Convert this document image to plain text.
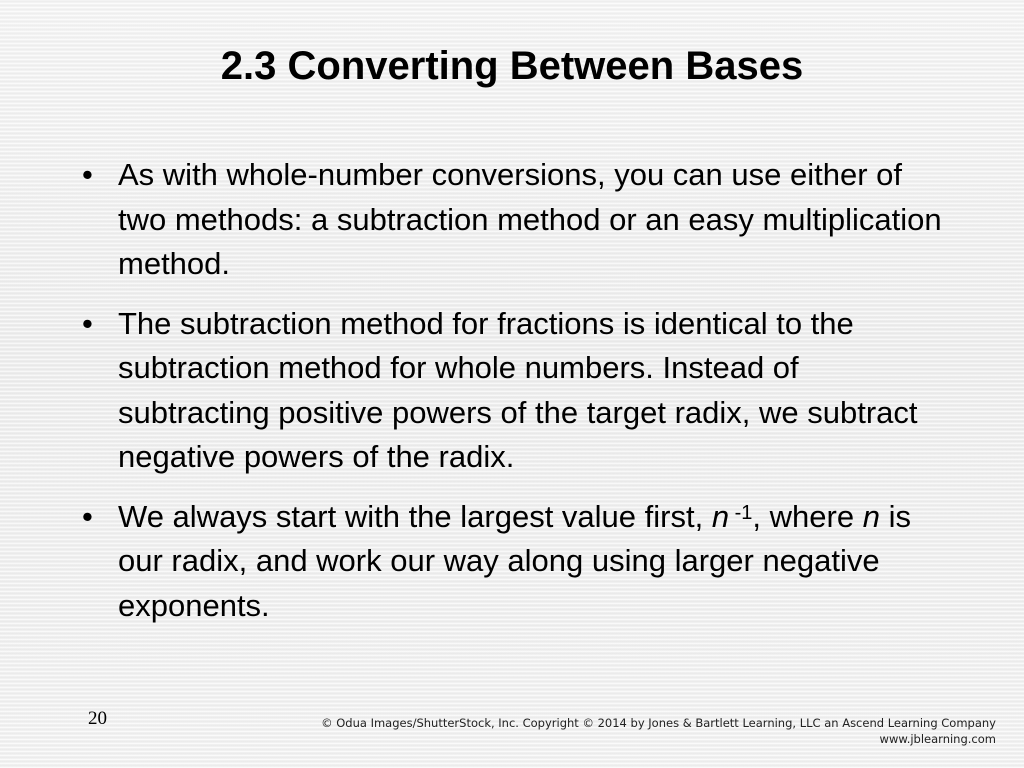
2.3 Converting Between Bases
• As with whole-number conversions, you can use either of two methods: a subtraction method or an easy multiplication method.
• The subtraction method for fractions is identical to the subtraction method for whole numbers. Instead of subtracting positive powers of the target radix, we subtract negative powers of the radix.
• We always start with the largest value first, n $^{-1}$, where n is our radix, and work our way along using larger negative exponents.
20	© Odua Images/ShutterStock, Inc. Copyright © 2014 by Jones & Bartlett Learning, LLC an Ascend Learning Company
www.jblearning.com
